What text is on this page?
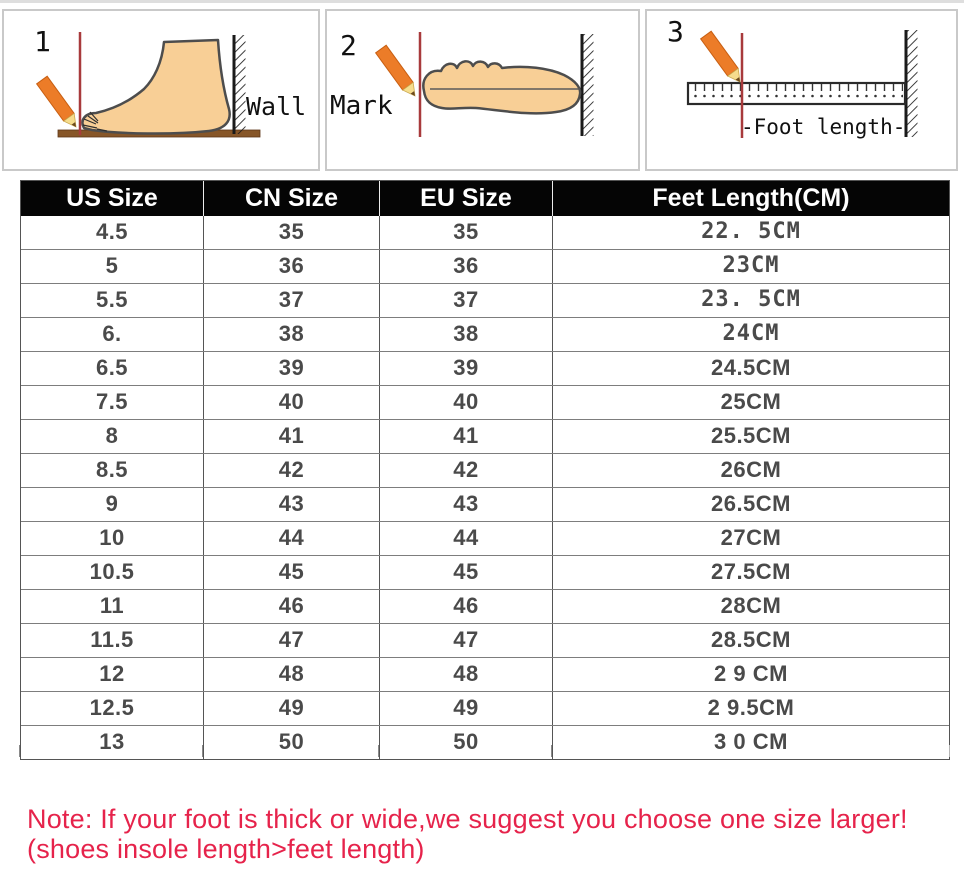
1
Wall
2
Mark
3
-Foot length-
US Size	CN Size	EU Size	Feet Length(CM)
4.5	35	35	22. 5CM
5	36	36	23CM
5.5	37	37	23. 5CM
6.	38	38	24CM
6.5	39	39	24.5CM
7.5	40	40	25CM
8	41	41	25.5CM
8.5	42	42	26CM
9	43	43	26.5CM
10	44	44	27CM
10.5	45	45	27.5CM
11	46	46	28CM
11.5	47	47	28.5CM
12	48	48	2 9 CM
12.5	49	49	2 9.5CM
13	50	50	3 0 CM
Note: If your foot is thick or wide,we suggest you choose one size larger!
(shoes insole length>feet length)
